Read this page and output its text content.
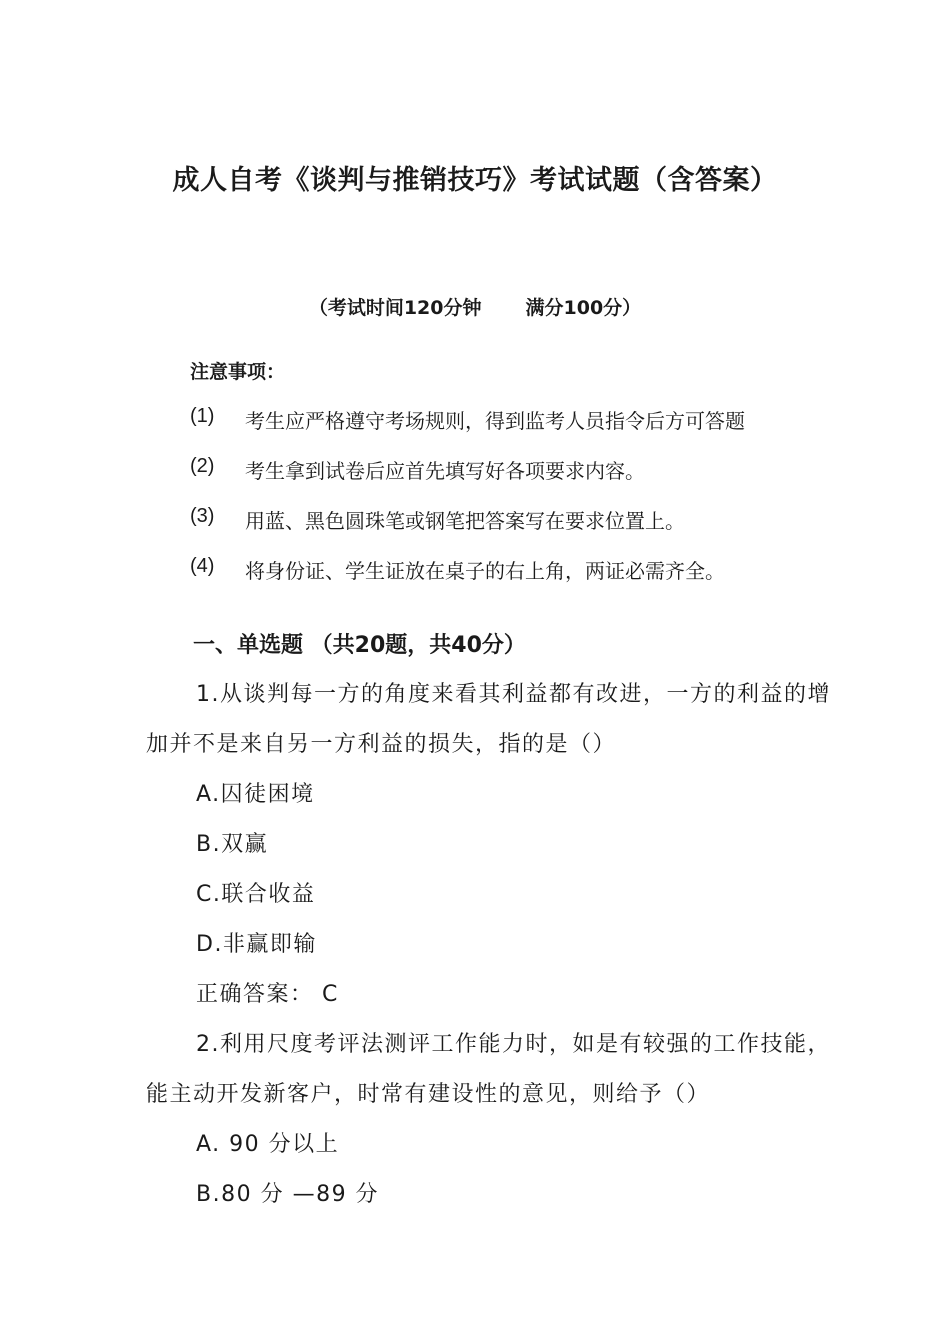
成人自考《谈判与推销技巧》考试试题（含答案）
（考试时间120分钟 满分100分）
注意事项：
(1)	考生应严格遵守考场规则，得到监考人员指令后方可答题
(2)	考生拿到试卷后应首先填写好各项要求内容。
(3)	用蓝、黑色圆珠笔或钢笔把答案写在要求位置上。
(4)	将身份证、学生证放在桌子的右上角，两证必需齐全。
一、单选题 （共20题，共40分）

1.从谈判每一方的角度来看其利益都有改进，一方的利益的增加并不是来自另一方利益的损失，指的是（）

A.囚徒困境

B.双赢

C.联合收益

D.非赢即输

正确答案： C

2.利用尺度考评法测评工作能力时，如是有较强的工作技能，能主动开发新客户，时常有建设性的意见，则给予（）

A. 90 分以上

B.80 分 —89 分
